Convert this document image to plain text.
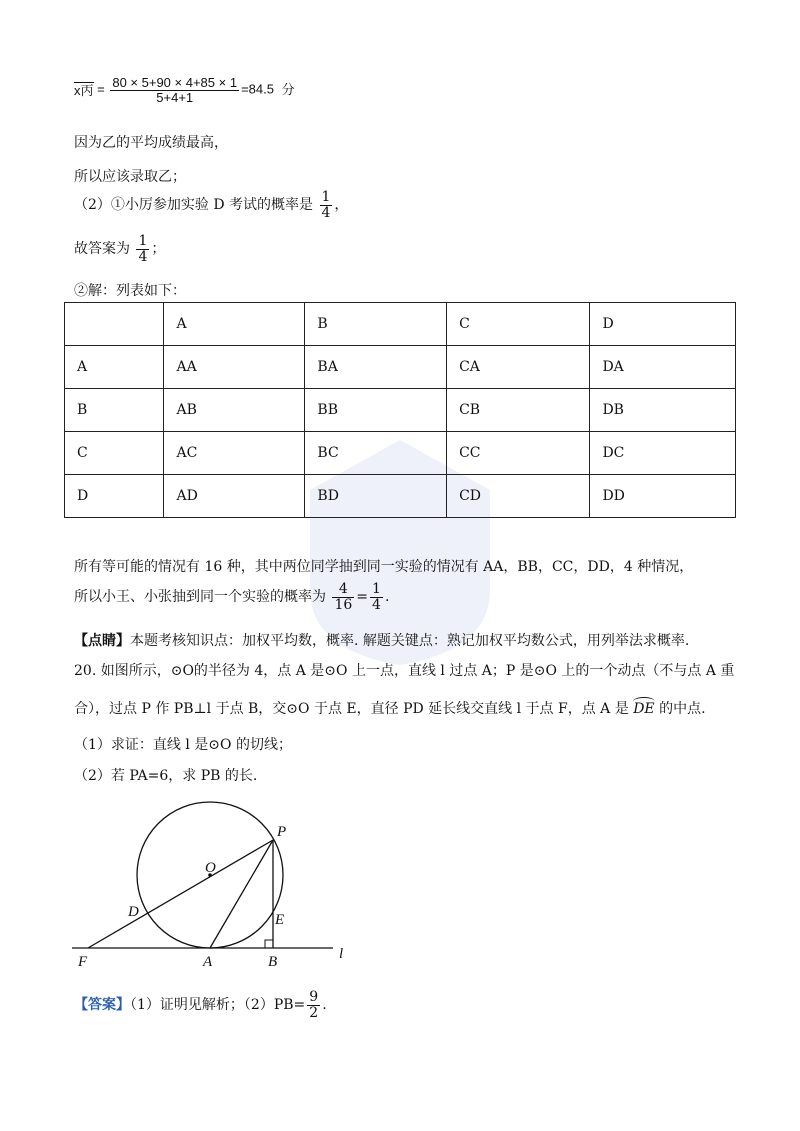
x丙 = $\frac{80 \times 5+90 \times 4+85 \times 1}{5+4+1} =84.5$ 分
因为乙的平均成绩最高，
所以应该录取乙；
（2）①小厉参加实验 D 考试的概率是 $\frac{1}{4}$ ，
故答案为 $\frac{1}{4}$ ；
②解：列表如下：
	A	B	C	D
A	AA	BA	CA	DA
B	AB	BB	CB	DB
C	AC	BC	CC	DC
D	AD	BD	CD	DD
所有等可能的情况有 16 种，其中两位同学抽到同一实验的情况有 AA，BB，CC，DD，4 种情况，
所以小王、小张抽到同一个实验的概率为 $\frac{4}{16} = \frac{1}{4}$ .
【点睛】本题考核知识点：加权平均数，概率. 解题关键点：熟记加权平均数公式，用列举法求概率.
20. 如图所示，⊙O的半径为 4，点 A 是⊙O 上一点，直线 l 过点 A；P 是⊙O 上的一个动点（不与点 A 重
合），过点 P 作 PB⊥l 于点 B，交⊙O 于点 E，直径 PD 延长线交直线 l 于点 F，点 A 是 DE 的中点.
（1）求证：直线 l 是⊙O 的切线；
（2）若 PA=6，求 PB 的长.
P
O
D	E
F	A	B	l
【答案】（1）证明见解析；$(2)PB= \frac{9}{2}$ .
